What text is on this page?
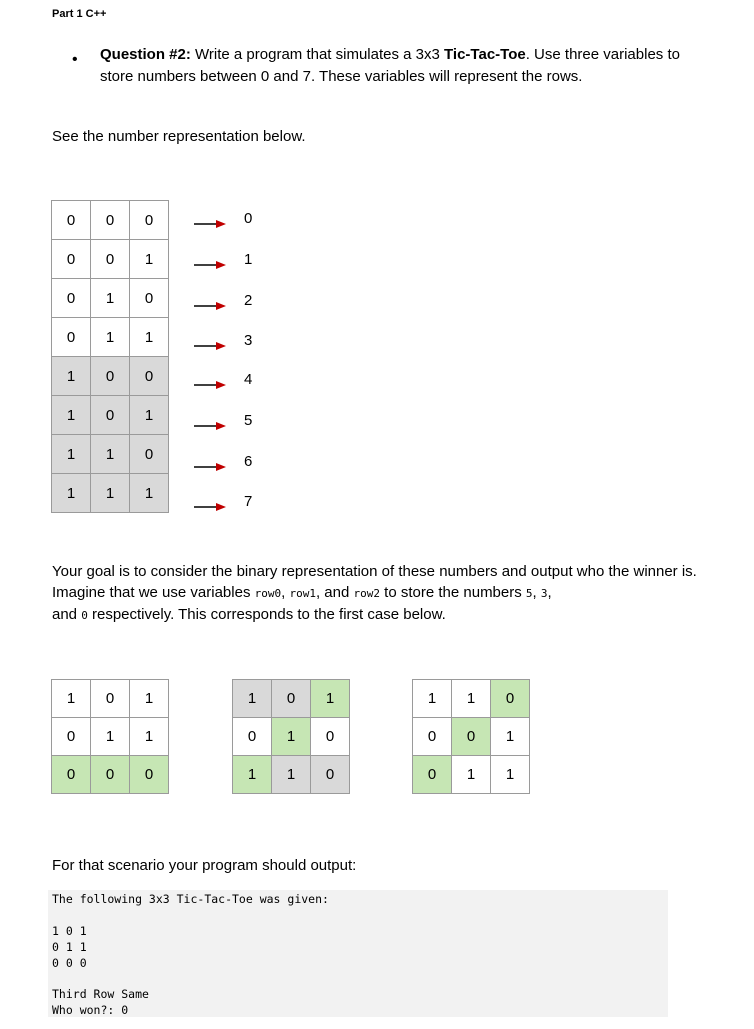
Part 1 C++
• Question #2: Write a program that simulates a 3x3 Tic-Tac-Toe. Use three variables to store numbers between 0 and 7. These variables will represent the rows.
See the number representation below.
0	0	0
0	0	1
0	1	0
0	1	1
1	0	0
1	0	1
1	1	0
1	1	1
0
1
2
3
4
5
6
7
Your goal is to consider the binary representation of these numbers and output who the winner is.
Imagine that we use variables row0, row1, and row2 to store the numbers 5, 3,
and 0 respectively. This corresponds to the first case below.
1	0	1
0	1	1
0	0	0
1	0	1
0	1	0
1	1	0
1	1	0
0	0	1
0	1	1
For that scenario your program should output:
The following 3x3 Tic-Tac-Toe was given:
1 0 1
0 1 1
0 0 0
Third Row Same
Who won?: 0
